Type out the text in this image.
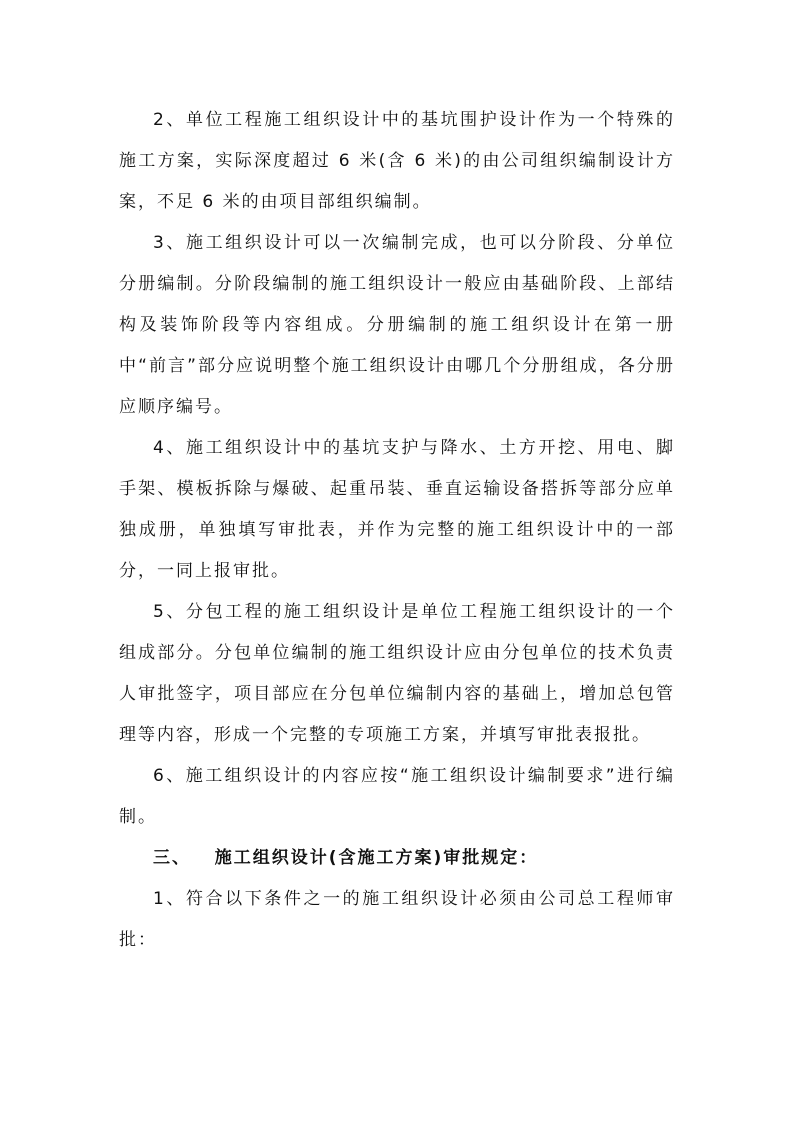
2、单位工程施工组织设计中的基坑围护设计作为一个特殊的施工方案，实际深度超过 6 米(含 6 米)的由公司组织编制设计方案，不足 6 米的由项目部组织编制。

3、施工组织设计可以一次编制完成，也可以分阶段、分单位分册编制。分阶段编制的施工组织设计一般应由基础阶段、上部结构及装饰阶段等内容组成。分册编制的施工组织设计在第一册中“前言”部分应说明整个施工组织设计由哪几个分册组成，各分册应顺序编号。

4、施工组织设计中的基坑支护与降水、土方开挖、用电、脚手架、模板拆除与爆破、起重吊装、垂直运输设备搭拆等部分应单独成册，单独填写审批表，并作为完整的施工组织设计中的一部分，一同上报审批。

5、分包工程的施工组织设计是单位工程施工组织设计的一个组成部分。分包单位编制的施工组织设计应由分包单位的技术负责人审批签字，项目部应在分包单位编制内容的基础上，增加总包管理等内容，形成一个完整的专项施工方案，并填写审批表报批。

6、施工组织设计的内容应按“施工组织设计编制要求”进行编制。

三、   施工组织设计(含施工方案)审批规定：

1、符合以下条件之一的施工组织设计必须由公司总工程师审批：
